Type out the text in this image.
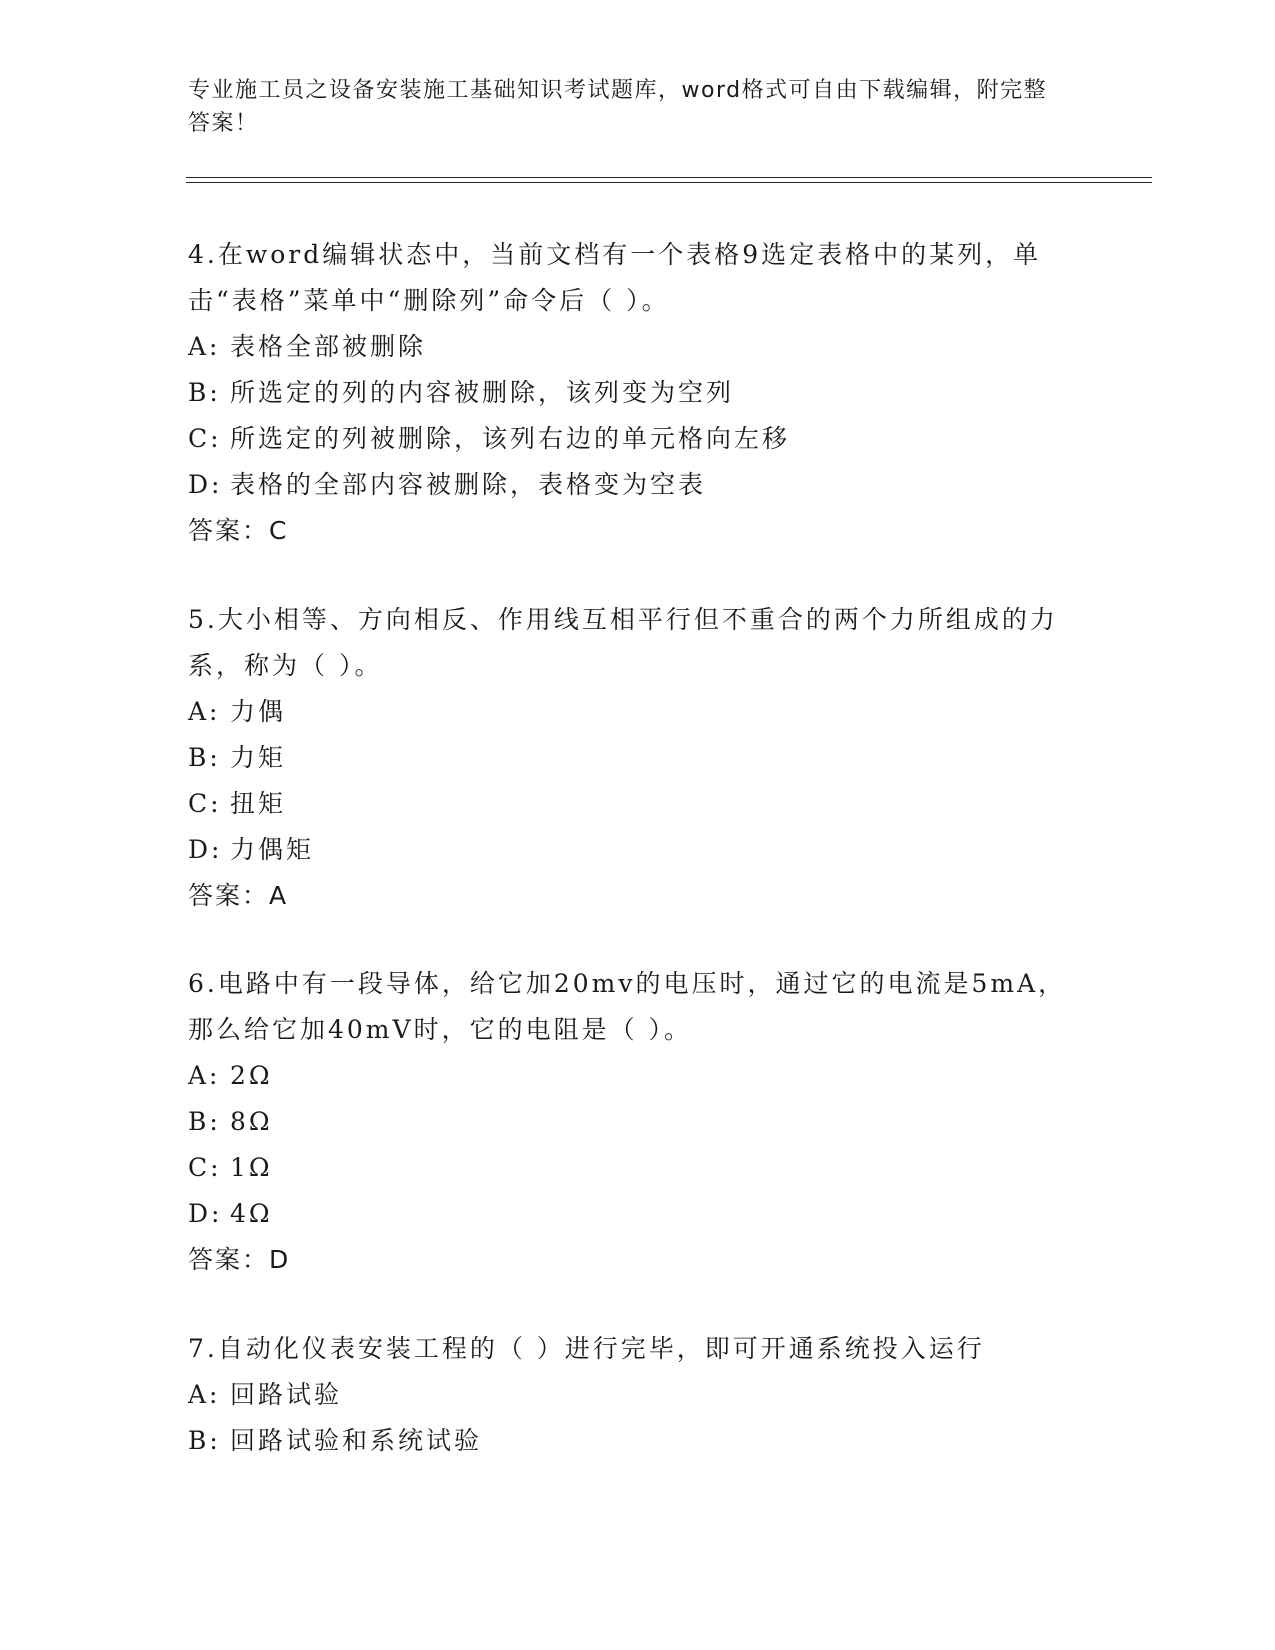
专业施工员之设备安装施工基础知识考试题库，word格式可自由下载编辑，附完整答案！

4.在word编辑状态中，当前文档有一个表格9选定表格中的某列，单击“表格”菜单中“删除列”命令后（ ）。

A: 表格全部被删除

B: 所选定的列的内容被删除，该列变为空列

C: 所选定的列被删除，该列右边的单元格向左移

D: 表格的全部内容被删除，表格变为空表

答案：C

5.大小相等、方向相反、作用线互相平行但不重合的两个力所组成的力系，称为（ ）。

A: 力偶

B: 力矩

C: 扭矩

D: 力偶矩

答案：A

6.电路中有一段导体，给它加20mv的电压时，通过它的电流是5mA，那么给它加40mV时，它的电阻是（ ）。

A: 2Ω

B: 8Ω

C: 1Ω

D: 4Ω

答案：D

7.自动化仪表安装工程的（ ）进行完毕，即可开通系统投入运行

A: 回路试验

B: 回路试验和系统试验
